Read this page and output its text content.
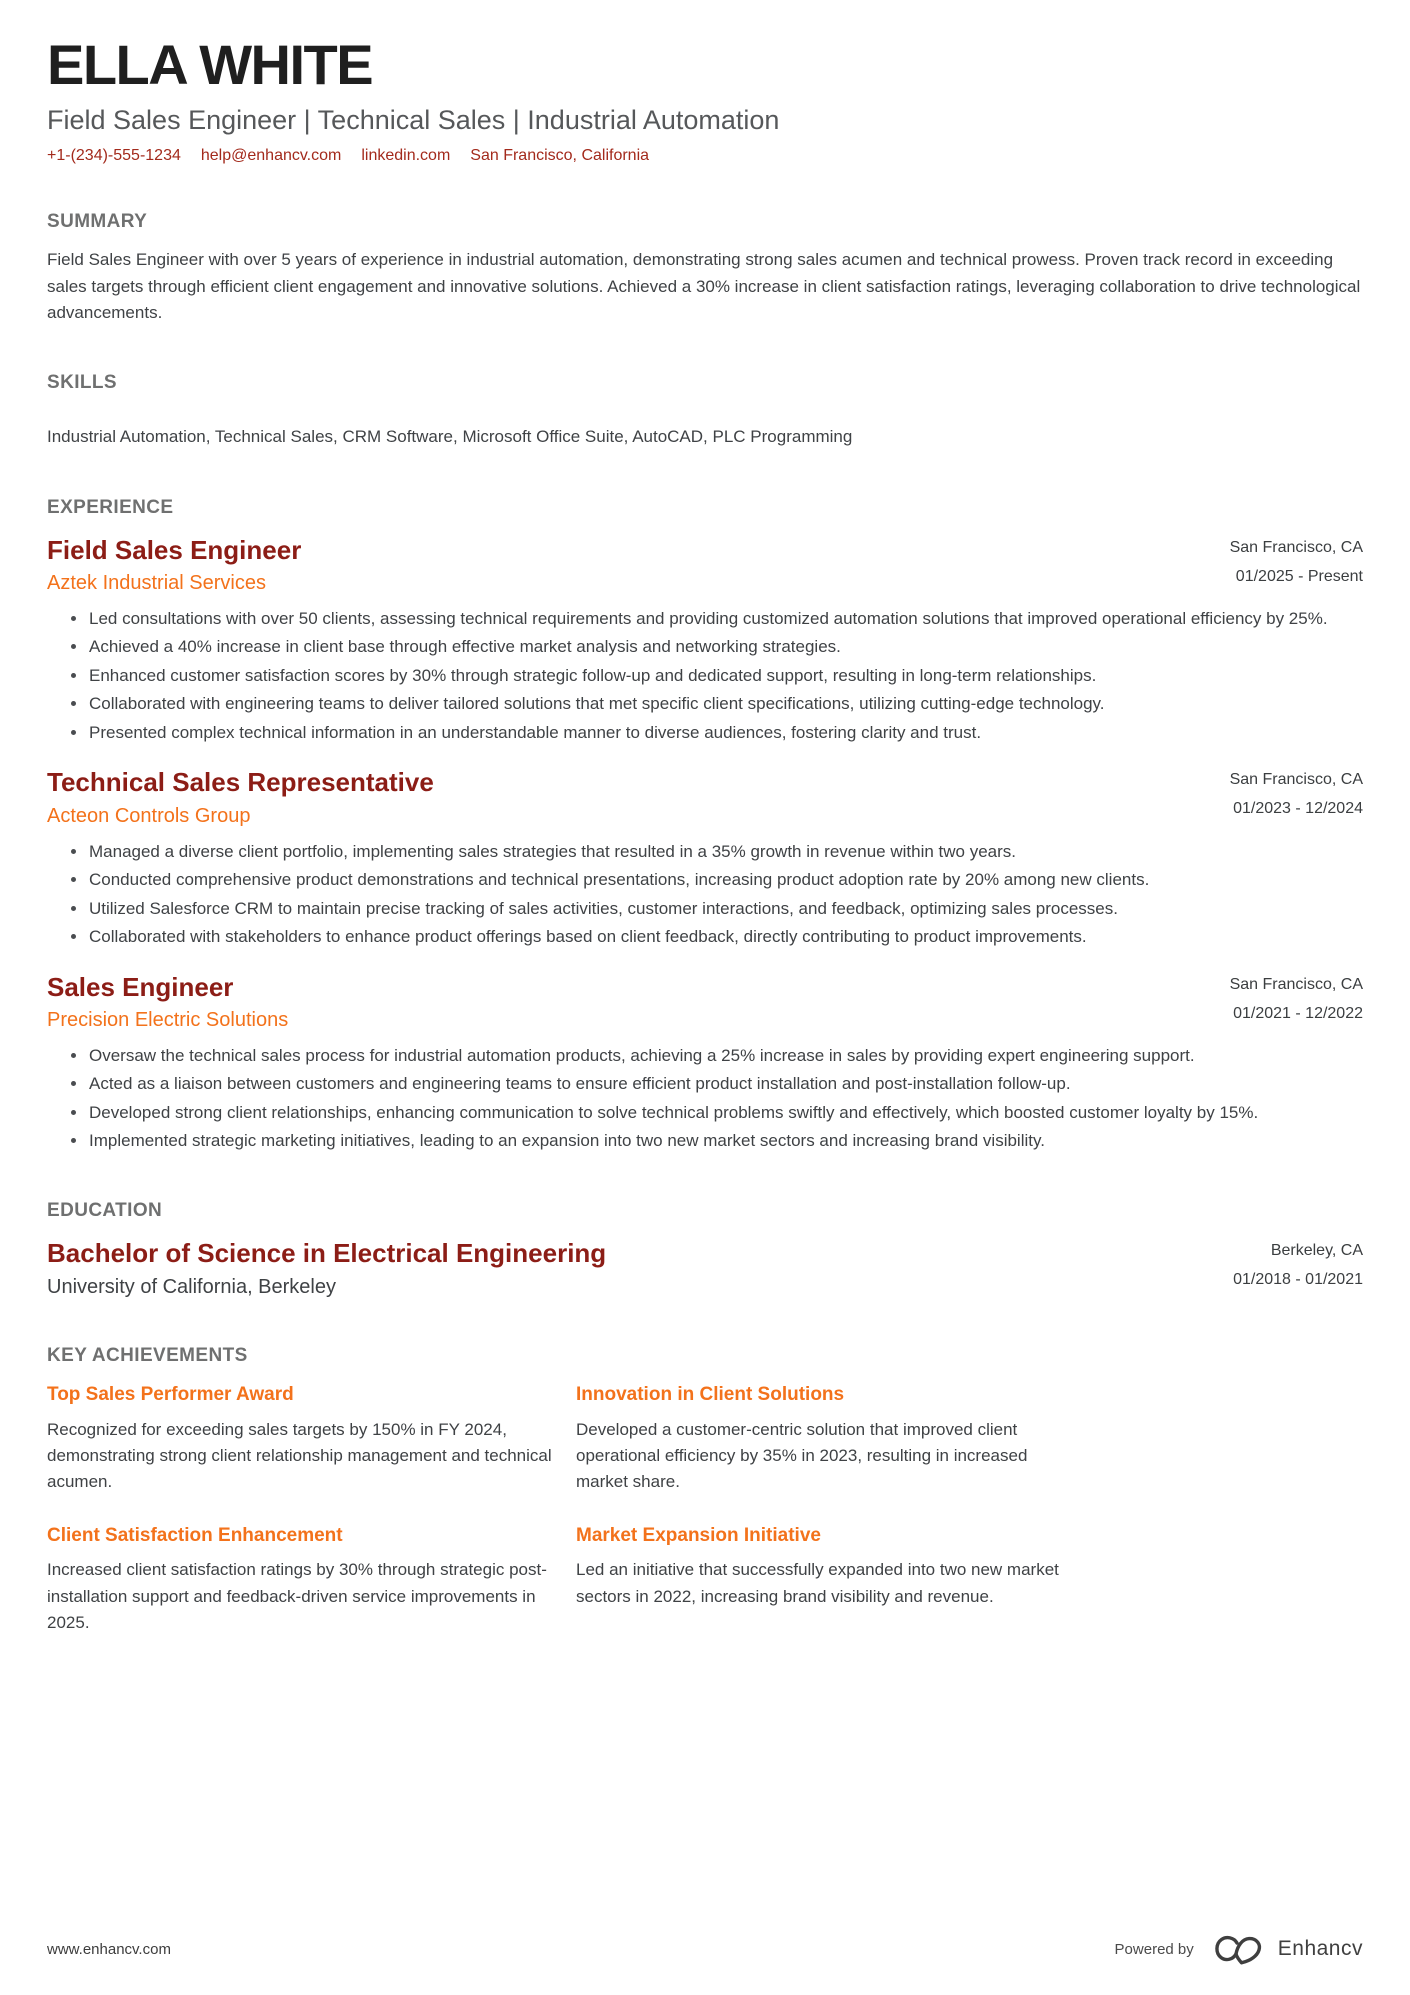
ELLA WHITE
Field Sales Engineer | Technical Sales | Industrial Automation
+1-(234)-555-1234 help@enhancv.com linkedin.com San Francisco, California
SUMMARY

Field Sales Engineer with over 5 years of experience in industrial automation, demonstrating strong sales acumen and technical prowess. Proven track record in exceeding sales targets through efficient client engagement and innovative solutions. Achieved a 30% increase in client satisfaction ratings, leveraging collaboration to drive technological advancements.

SKILLS

Industrial Automation, Technical Sales, CRM Software, Microsoft Office Suite, AutoCAD, PLC Programming

EXPERIENCE
Field Sales Engineer
Aztek Industrial Services
San Francisco, CA
01/2025 - Present
Led consultations with over 50 clients, assessing technical requirements and providing customized automation solutions that improved operational efficiency by 25%.
Achieved a 40% increase in client base through effective market analysis and networking strategies.
Enhanced customer satisfaction scores by 30% through strategic follow-up and dedicated support, resulting in long-term relationships.
Collaborated with engineering teams to deliver tailored solutions that met specific client specifications, utilizing cutting-edge technology.
Presented complex technical information in an understandable manner to diverse audiences, fostering clarity and trust.
Technical Sales Representative
Acteon Controls Group
San Francisco, CA
01/2023 - 12/2024
Managed a diverse client portfolio, implementing sales strategies that resulted in a 35% growth in revenue within two years.
Conducted comprehensive product demonstrations and technical presentations, increasing product adoption rate by 20% among new clients.
Utilized Salesforce CRM to maintain precise tracking of sales activities, customer interactions, and feedback, optimizing sales processes.
Collaborated with stakeholders to enhance product offerings based on client feedback, directly contributing to product improvements.
Sales Engineer
Precision Electric Solutions
San Francisco, CA
01/2021 - 12/2022
Oversaw the technical sales process for industrial automation products, achieving a 25% increase in sales by providing expert engineering support.
Acted as a liaison between customers and engineering teams to ensure efficient product installation and post-installation follow-up.
Developed strong client relationships, enhancing communication to solve technical problems swiftly and effectively, which boosted customer loyalty by 15%.
Implemented strategic marketing initiatives, leading to an expansion into two new market sectors and increasing brand visibility.
EDUCATION
Bachelor of Science in Electrical Engineering
University of California, Berkeley
Berkeley, CA
01/2018 - 01/2021
KEY ACHIEVEMENTS
Top Sales Performer Award

Recognized for exceeding sales targets by 150% in FY 2024, demonstrating strong client relationship management and technical acumen.

Innovation in Client Solutions

Developed a customer-centric solution that improved client operational efficiency by 35% in 2023, resulting in increased market share.

Client Satisfaction Enhancement

Increased client satisfaction ratings by 30% through strategic post-installation support and feedback-driven service improvements in 2025.

Market Expansion Initiative

Led an initiative that successfully expanded into two new market sectors in 2022, increasing brand visibility and revenue.

www.enhancv.com	Powered by	Enhancv
